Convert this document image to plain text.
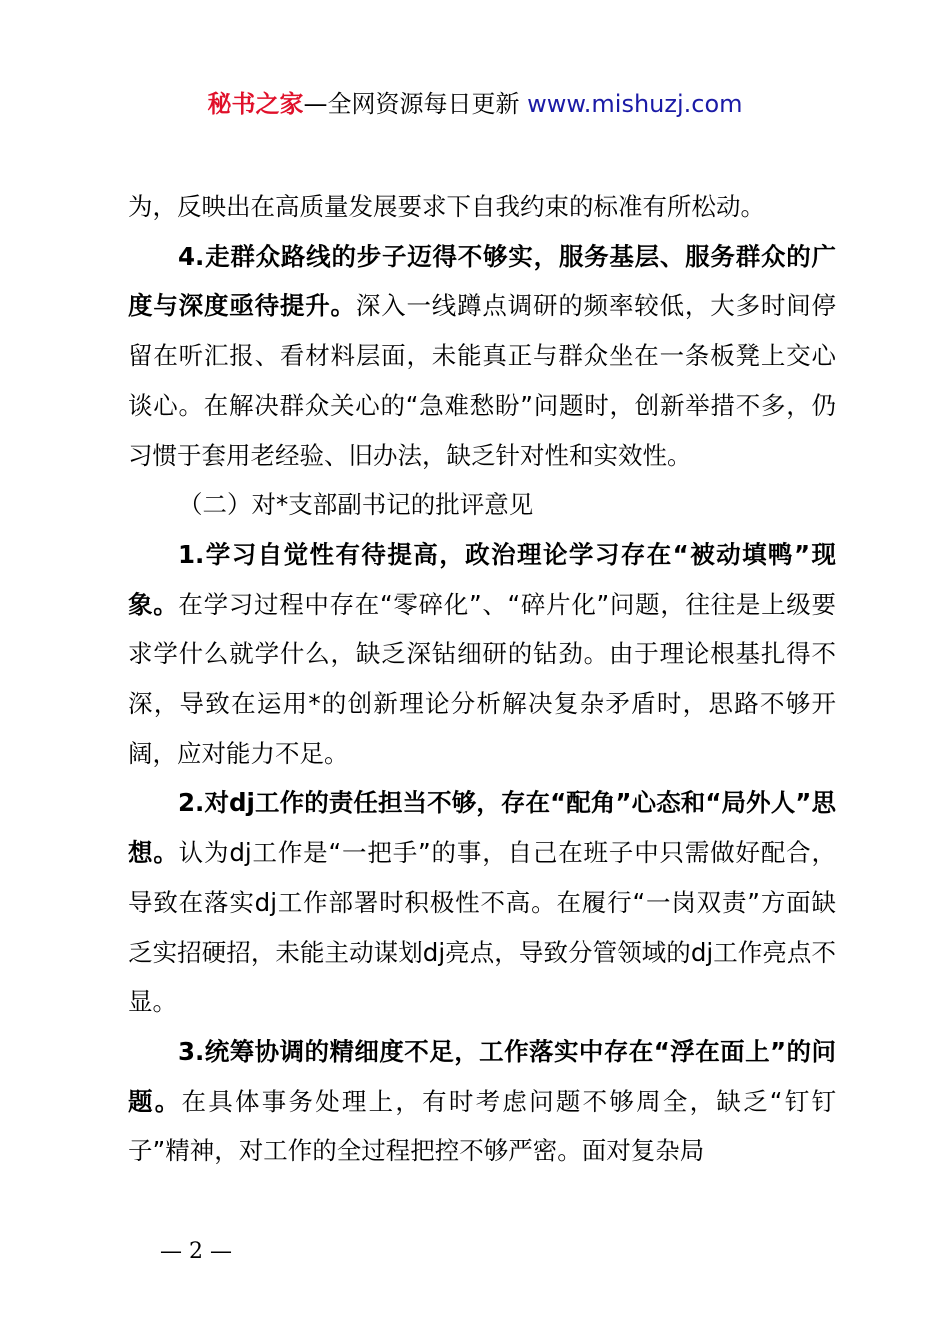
秘书之家—全网资源每日更新 www.mishuzj.com

为，反映出在高质量发展要求下自我约束的标准有所松动。

4.走群众路线的步子迈得不够实，服务基层、服务群众的广度与深度亟待提升。深入一线蹲点调研的频率较低，大多时间停留在听汇报、看材料层面，未能真正与群众坐在一条板凳上交心谈心。在解决群众关心的“急难愁盼”问题时，创新举措不多，仍习惯于套用老经验、旧办法，缺乏针对性和实效性。

（二）对*支部副书记的批评意见

1.学习自觉性有待提高，政治理论学习存在“被动填鸭”现象。在学习过程中存在“零碎化”、“碎片化”问题，往往是上级要求学什么就学什么，缺乏深钻细研的钻劲。由于理论根基扎得不深，导致在运用*的创新理论分析解决复杂矛盾时，思路不够开阔，应对能力不足。

2.对dj工作的责任担当不够，存在“配角”心态和“局外人”思想。认为dj工作是“一把手”的事，自己在班子中只需做好配合，导致在落实dj工作部署时积极性不高。在履行“一岗双责”方面缺乏实招硬招，未能主动谋划dj亮点，导致分管领域的dj工作亮点不显。

3.统筹协调的精细度不足，工作落实中存在“浮在面上”的问题。在具体事务处理上，有时考虑问题不够周全，缺乏“钉钉子”精神，对工作的全过程把控不够严密。面对复杂局

— 2 —
